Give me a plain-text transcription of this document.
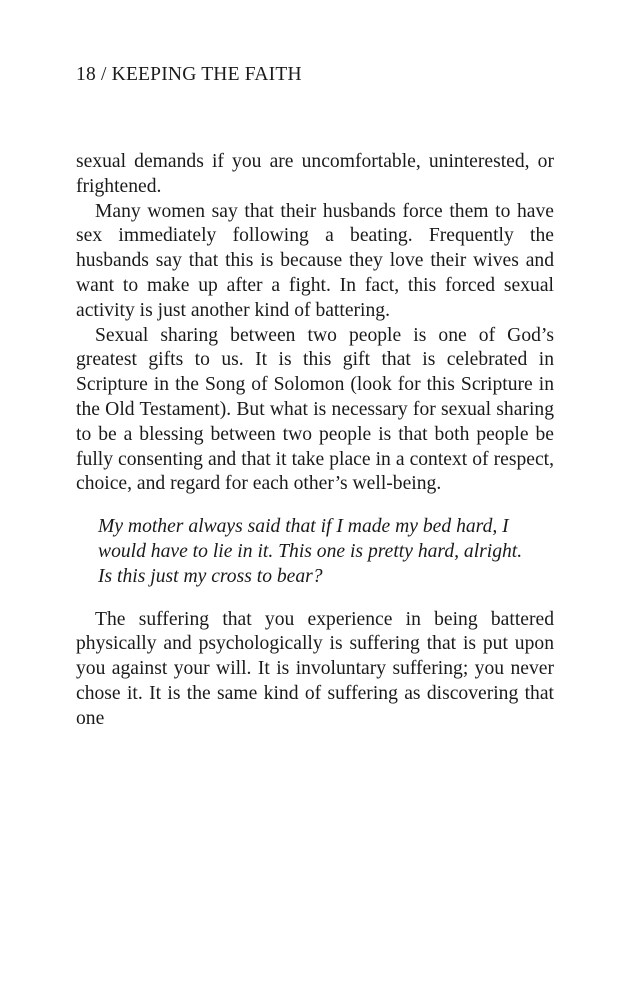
18 / KEEPING THE FAITH

sexual demands if you are uncomfortable, uninterested, or frightened.

Many women say that their husbands force them to have sex immediately following a beating. Frequently the husbands say that this is because they love their wives and want to make up after a fight. In fact, this forced sexual activity is just another kind of battering.

Sexual sharing between two people is one of God’s greatest gifts to us. It is this gift that is celebrated in Scripture in the Song of Solomon (look for this Scripture in the Old Testament). But what is necessary for sexual sharing to be a blessing between two people is that both people be fully consenting and that it take place in a context of respect, choice, and regard for each other’s well-being.

My mother always said that if I made my bed hard, I would have to lie in it. This one is pretty hard, alright. Is this just my cross to bear?

The suffering that you experience in being battered physically and psychologically is suffering that is put upon you against your will. It is involuntary suffering; you never chose it. It is the same kind of suffering as discovering that one
